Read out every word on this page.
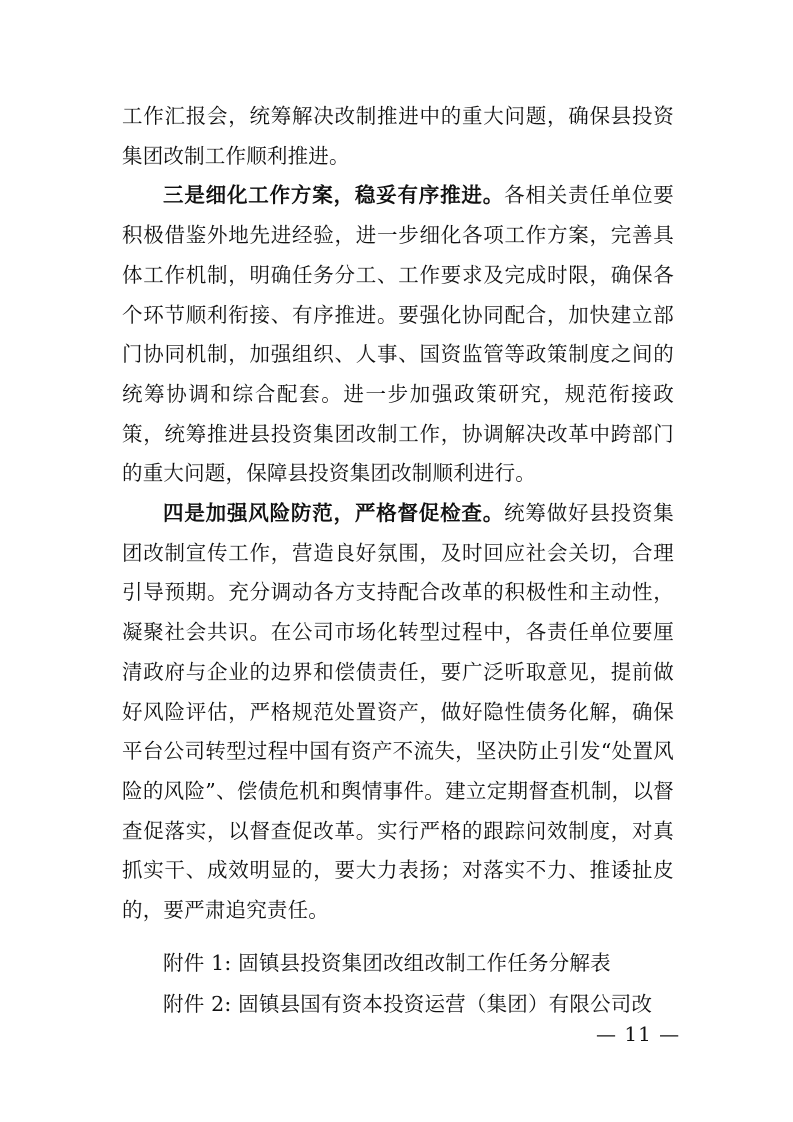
工作汇报会，统筹解决改制推进中的重大问题，确保县投资集团改制工作顺利推进。

三是细化工作方案，稳妥有序推进。各相关责任单位要积极借鉴外地先进经验，进一步细化各项工作方案，完善具体工作机制，明确任务分工、工作要求及完成时限，确保各个环节顺利衔接、有序推进。要强化协同配合，加快建立部门协同机制，加强组织、人事、国资监管等政策制度之间的统筹协调和综合配套。进一步加强政策研究，规范衔接政策，统筹推进县投资集团改制工作，协调解决改革中跨部门的重大问题，保障县投资集团改制顺利进行。

四是加强风险防范，严格督促检查。统筹做好县投资集团改制宣传工作，营造良好氛围，及时回应社会关切，合理引导预期。充分调动各方支持配合改革的积极性和主动性，凝聚社会共识。在公司市场化转型过程中，各责任单位要厘清政府与企业的边界和偿债责任，要广泛听取意见，提前做好风险评估，严格规范处置资产，做好隐性债务化解，确保平台公司转型过程中国有资产不流失，坚决防止引发“处置风险的风险”、偿债危机和舆情事件。建立定期督查机制，以督查促落实，以督查促改革。实行严格的跟踪问效制度，对真抓实干、成效明显的，要大力表扬；对落实不力、推诿扯皮的，要严肃追究责任。

附件 1: 固镇县投资集团改组改制工作任务分解表
附件 2: 固镇县国有资本投资运营（集团）有限公司改
— 11 —
